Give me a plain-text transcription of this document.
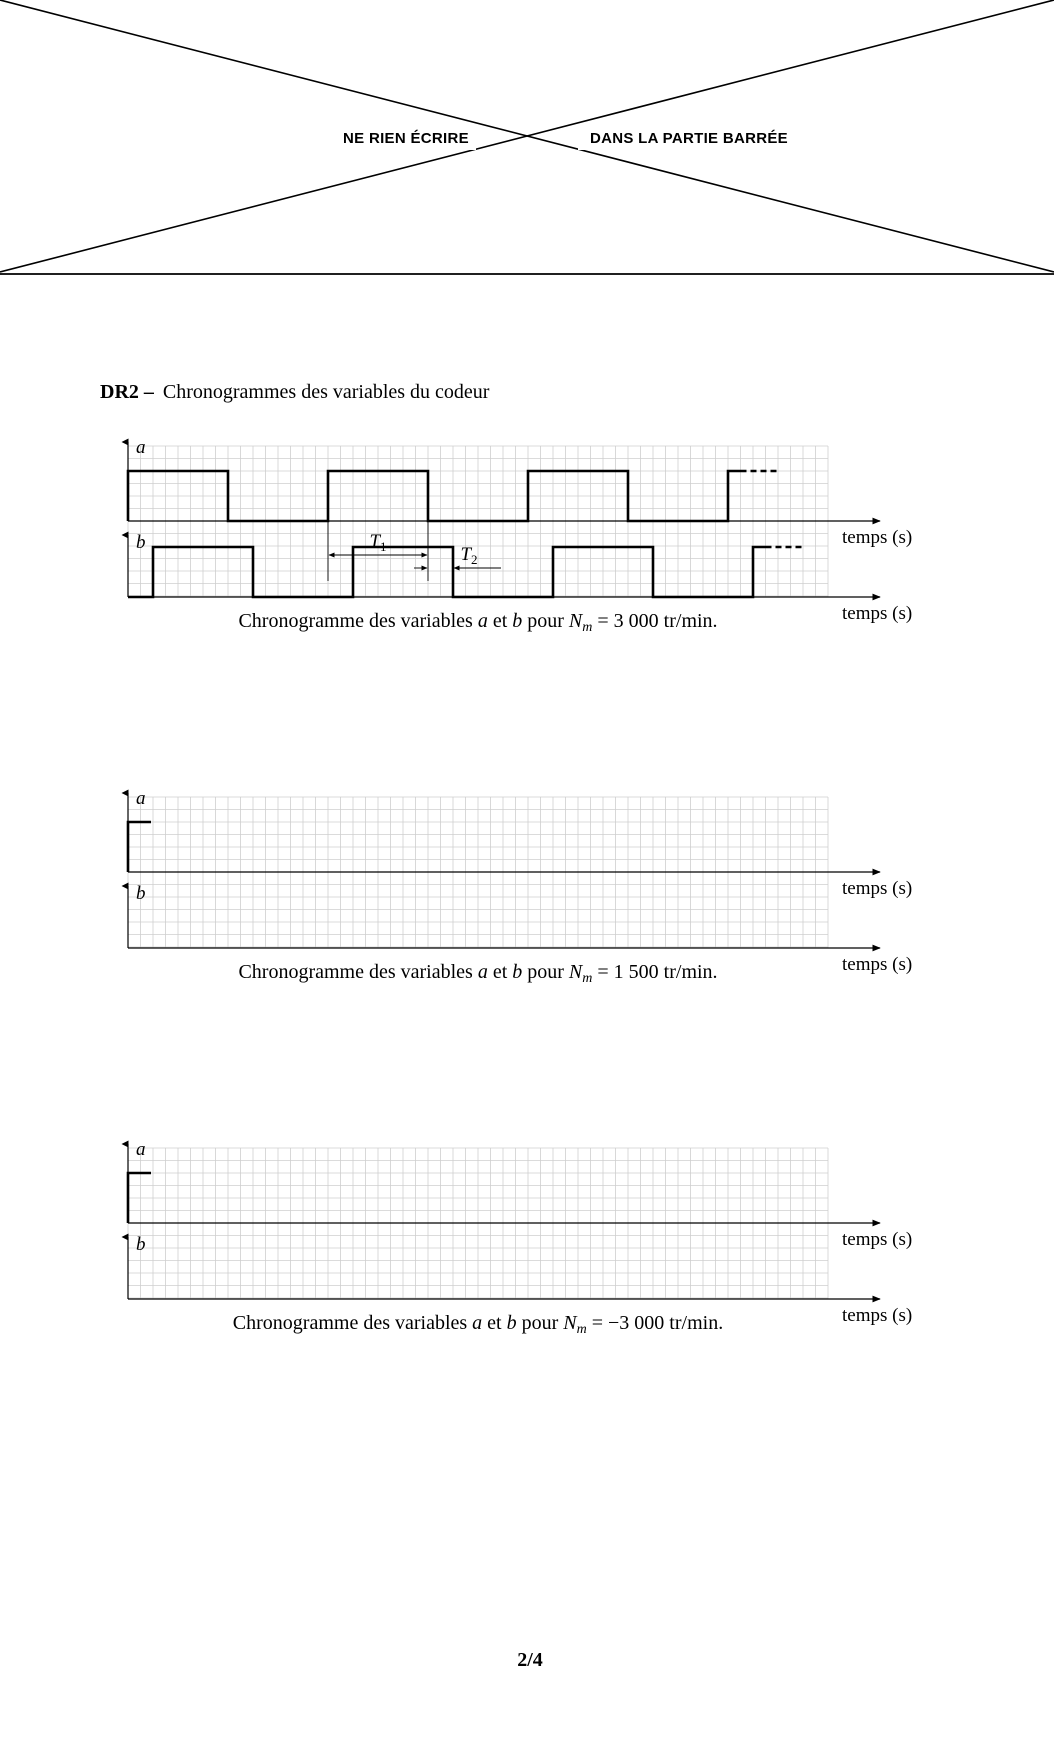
NE RIEN ÉCRIRE	DANS LA PARTIE BARRÉE
DR2 – Chronogrammes des variables du codeur
a
temps (s)
b
temps (s)
$T_1$	$T_2$
Chronogramme des variables a et b pour $N_m = 3$ 000 tr/min.
a
temps (s)
b
temps (s)
Chronogramme des variables a et b pour $N_m = 1$ 500 tr/min.
a
temps (s)
b
temps (s)
Chronogramme des variables a et b pour $N_m = -3$ 000 tr/min.
2/4
